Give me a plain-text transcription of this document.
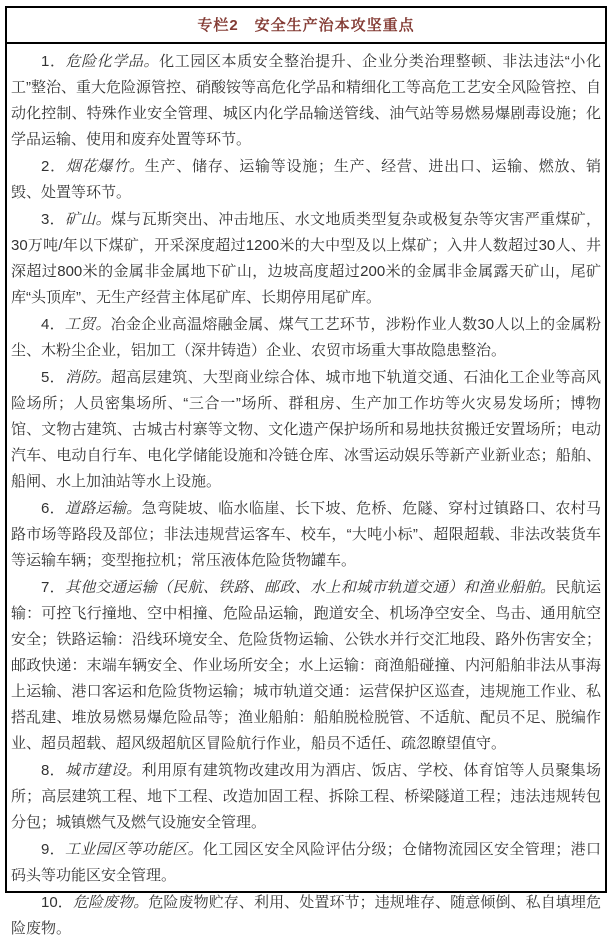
专栏2　安全生产治本攻坚重点

1．危险化学品。化工园区本质安全整治提升、企业分类治理整顿、非法违法“小化工”整治、重大危险源管控、硝酸铵等高危化学品和精细化工等高危工艺安全风险管控、自动化控制、特殊作业安全管理、城区内化学品输送管线、油气站等易燃易爆剧毒设施；化学品运输、使用和废弃处置等环节。

2．烟花爆竹。生产、储存、运输等设施；生产、经营、进出口、运输、燃放、销毁、处置等环节。

3．矿山。煤与瓦斯突出、冲击地压、水文地质类型复杂或极复杂等灾害严重煤矿，30万吨/年以下煤矿，开采深度超过1200米的大中型及以上煤矿；入井人数超过30人、井深超过800米的金属非金属地下矿山，边坡高度超过200米的金属非金属露天矿山，尾矿库“头顶库”、无生产经营主体尾矿库、长期停用尾矿库。

4．工贸。冶金企业高温熔融金属、煤气工艺环节，涉粉作业人数30人以上的金属粉尘、木粉尘企业，铝加工（深井铸造）企业、农贸市场重大事故隐患整治。

5．消防。超高层建筑、大型商业综合体、城市地下轨道交通、石油化工企业等高风险场所；人员密集场所、“三合一”场所、群租房、生产加工作坊等火灾易发场所；博物馆、文物古建筑、古城古村寨等文物、文化遗产保护场所和易地扶贫搬迁安置场所；电动汽车、电动自行车、电化学储能设施和冷链仓库、冰雪运动娱乐等新产业新业态；船舶、船闸、水上加油站等水上设施。

6．道路运输。急弯陡坡、临水临崖、长下坡、危桥、危隧、穿村过镇路口、农村马路市场等路段及部位；非法违规营运客车、校车，“大吨小标”、超限超载、非法改装货车等运输车辆；变型拖拉机；常压液体危险货物罐车。

7．其他交通运输（民航、铁路、邮政、水上和城市轨道交通）和渔业船舶。民航运输：可控飞行撞地、空中相撞、危险品运输，跑道安全、机场净空安全、鸟击、通用航空安全；铁路运输：沿线环境安全、危险货物运输、公铁水并行交汇地段、路外伤害安全；邮政快递：末端车辆安全、作业场所安全；水上运输：商渔船碰撞、内河船舶非法从事海上运输、港口客运和危险货物运输；城市轨道交通：运营保护区巡查，违规施工作业、私搭乱建、堆放易燃易爆危险品等；渔业船舶：船舶脱检脱管、不适航、配员不足、脱编作业、超员超载、超风级超航区冒险航行作业，船员不适任、疏忽瞭望值守。

8．城市建设。利用原有建筑物改建改用为酒店、饭店、学校、体育馆等人员聚集场所；高层建筑工程、地下工程、改造加固工程、拆除工程、桥梁隧道工程；违法违规转包分包；城镇燃气及燃气设施安全管理。

9．工业园区等功能区。化工园区安全风险评估分级；仓储物流园区安全管理；港口码头等功能区安全管理。

10．危险废物。危险废物贮存、利用、处置环节；违规堆存、随意倾倒、私自填埋危险废物。
